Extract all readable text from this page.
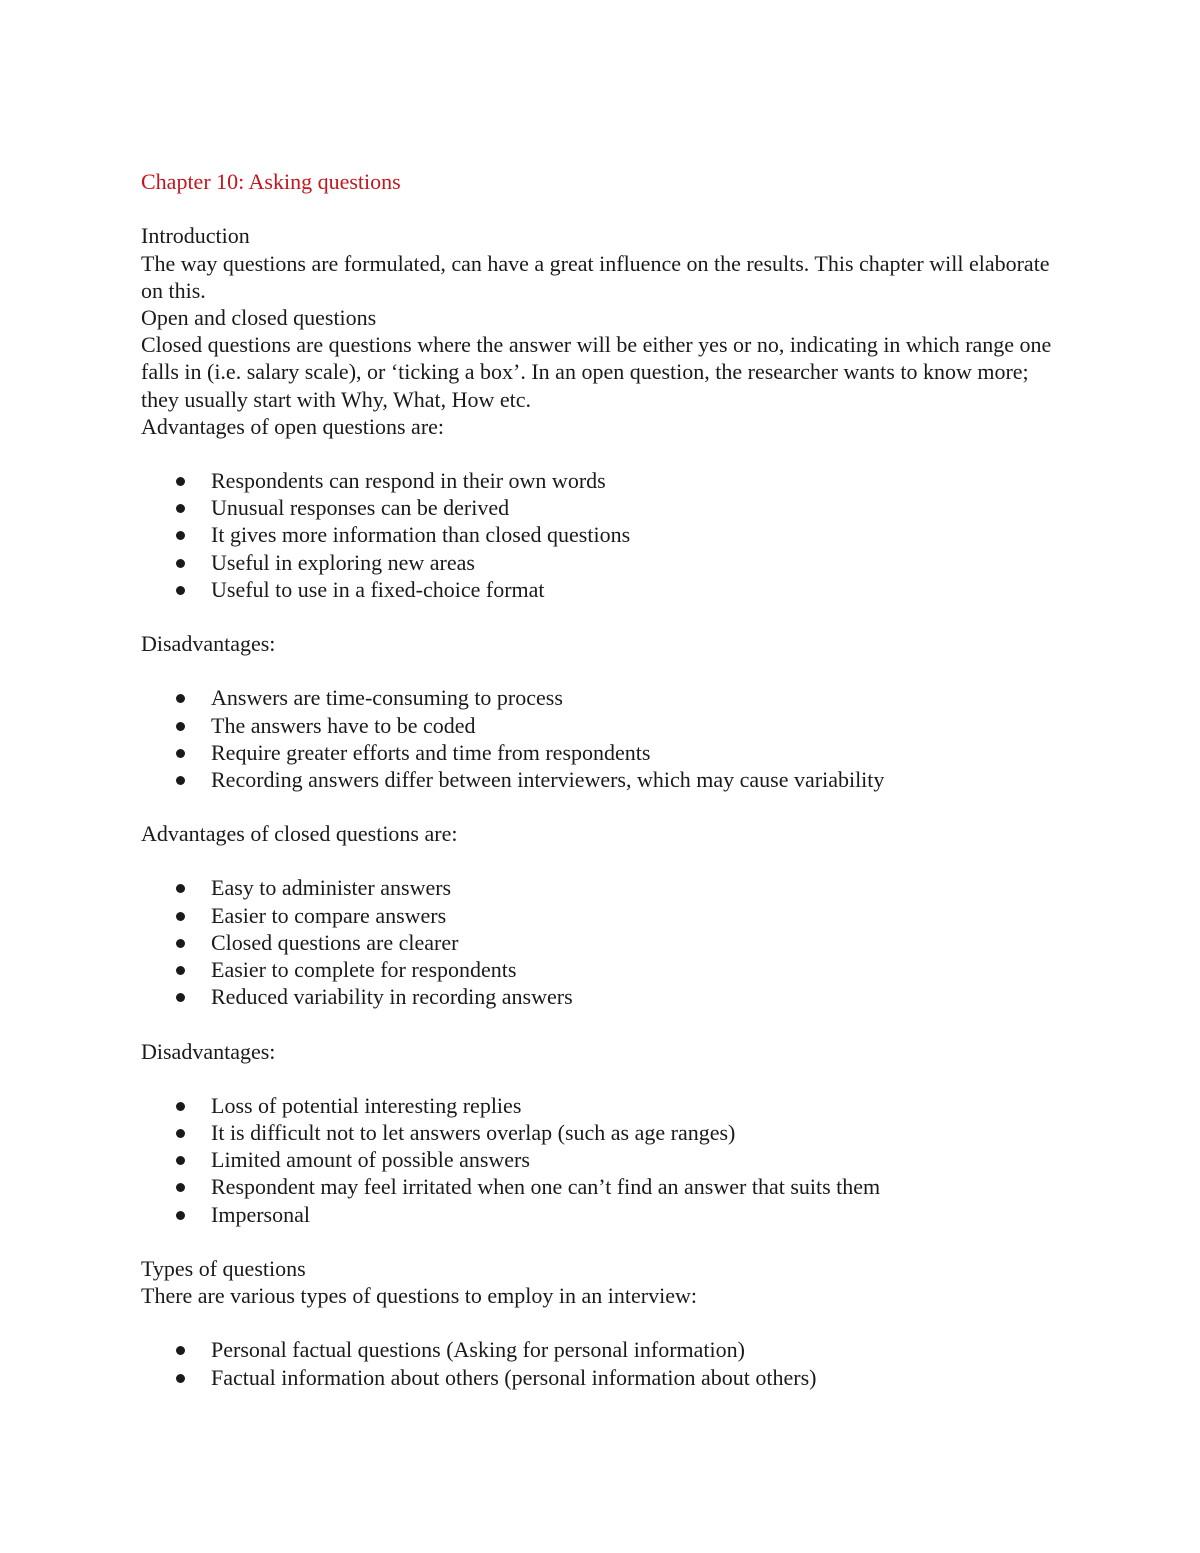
Chapter 10: Asking questions
Introduction
The way questions are formulated, can have a great influence on the results. This chapter will elaborate on this.
Open and closed questions
Closed questions are questions where the answer will be either yes or no, indicating in which range one falls in (i.e. salary scale), or ‘ticking a box’. In an open question, the researcher wants to know more; they usually start with Why, What, How etc.
Advantages of open questions are:
Respondents can respond in their own words
Unusual responses can be derived
It gives more information than closed questions
Useful in exploring new areas
Useful to use in a fixed-choice format
Disadvantages:
Answers are time-consuming to process
The answers have to be coded
Require greater efforts and time from respondents
Recording answers differ between interviewers, which may cause variability
Advantages of closed questions are:
Easy to administer answers
Easier to compare answers
Closed questions are clearer
Easier to complete for respondents
Reduced variability in recording answers
Disadvantages:
Loss of potential interesting replies
It is difficult not to let answers overlap (such as age ranges)
Limited amount of possible answers
Respondent may feel irritated when one can’t find an answer that suits them
Impersonal
Types of questions
There are various types of questions to employ in an interview:
Personal factual questions (Asking for personal information)
Factual information about others (personal information about others)
